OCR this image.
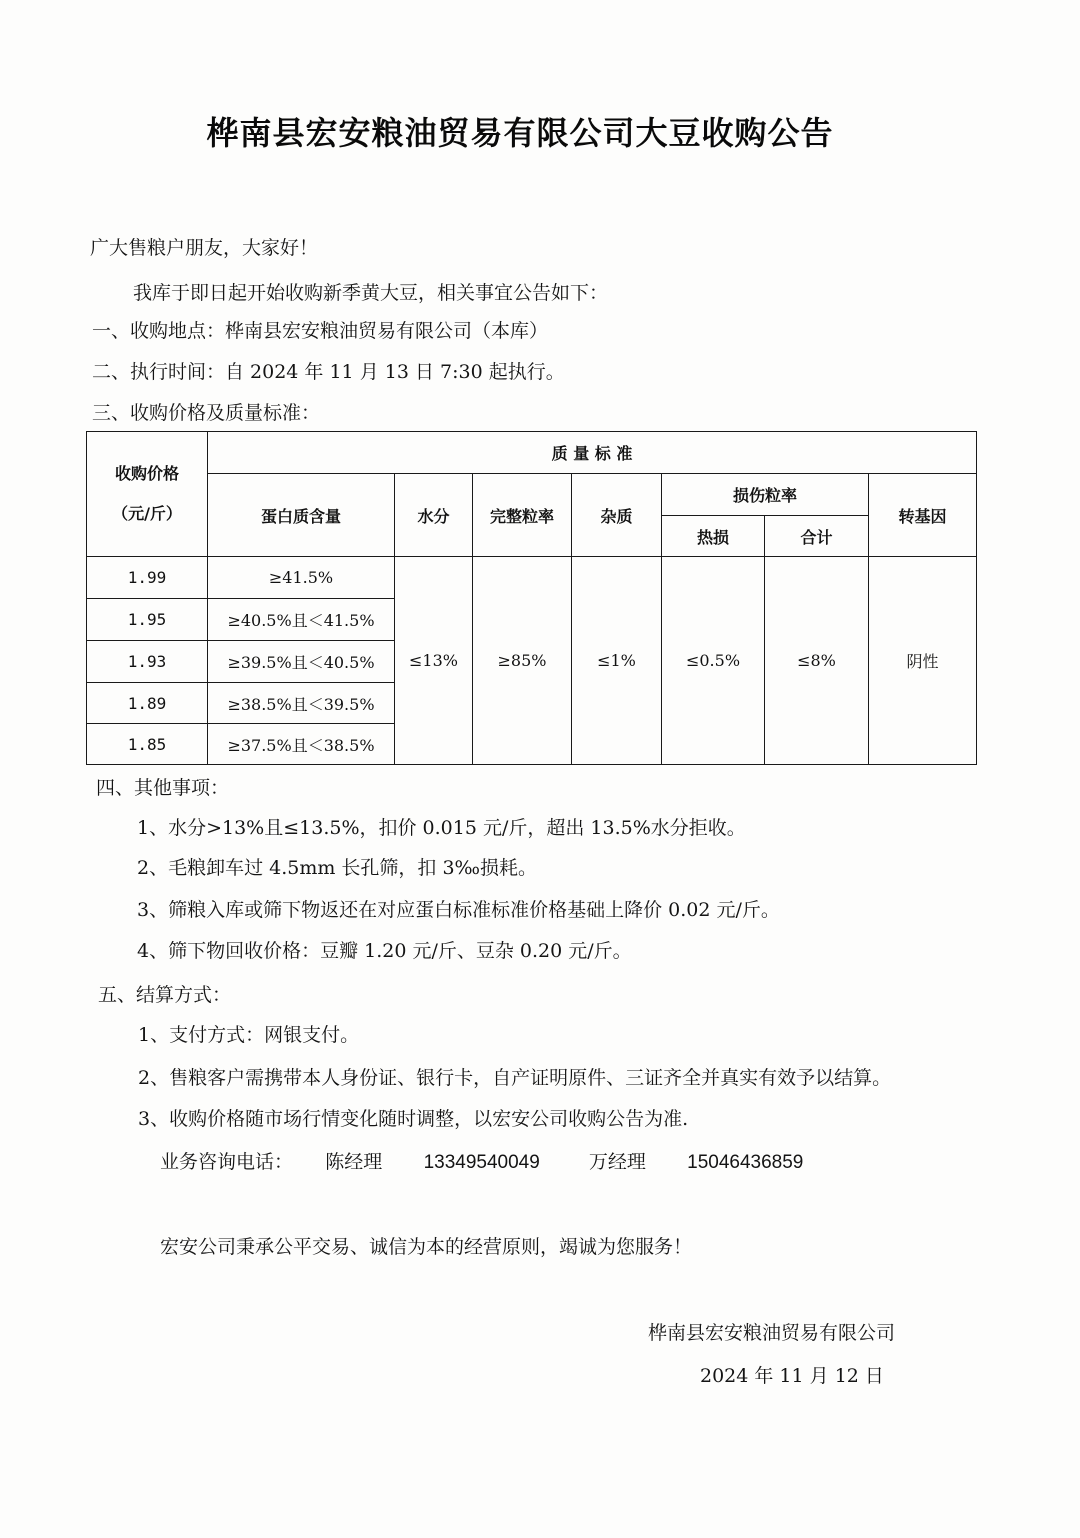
桦南县宏安粮油贸易有限公司大豆收购公告
广大售粮户朋友，大家好！
我库于即日起开始收购新季黄大豆，相关事宜公告如下：
一、收购地点：桦南县宏安粮油贸易有限公司（本库）
二、执行时间：自 2024 年 11 月 13 日 7:30 起执行。
三、收购价格及质量标准：
收购价格
（元/斤）	质 量 标 准						
	蛋白质含量	水分	完整粒率	杂质	损伤粒率		转基因
					热损	合计	
1.99	≥41.5%	≤13%	≥85%	≤1%	≤0.5%	≤8%	阴性
1.95	≥40.5%且＜41.5%						
1.93	≥39.5%且＜40.5%						
1.89	≥38.5%且＜39.5%						
1.85	≥37.5%且＜38.5%						
四、其他事项：
1、水分>13%且≤13.5%，扣价 0.015 元/斤，超出 13.5%水分拒收。
2、毛粮卸车过 4.5mm 长孔筛，扣 3‰损耗。
3、筛粮入库或筛下物返还在对应蛋白标准标准价格基础上降价 0.02 元/斤。
4、筛下物回收价格：豆瓣 1.20 元/斤、豆杂 0.20 元/斤。
五、结算方式：
1、支付方式：网银支付。
2、售粮客户需携带本人身份证、银行卡，自产证明原件、三证齐全并真实有效予以结算。
3、收购价格随市场行情变化随时调整，以宏安公司收购公告为准.
业务咨询电话： 陈经理 13349540049	万经理 15046436859
宏安公司秉承公平交易、诚信为本的经营原则，竭诚为您服务！
桦南县宏安粮油贸易有限公司
2024 年 11 月 12 日
